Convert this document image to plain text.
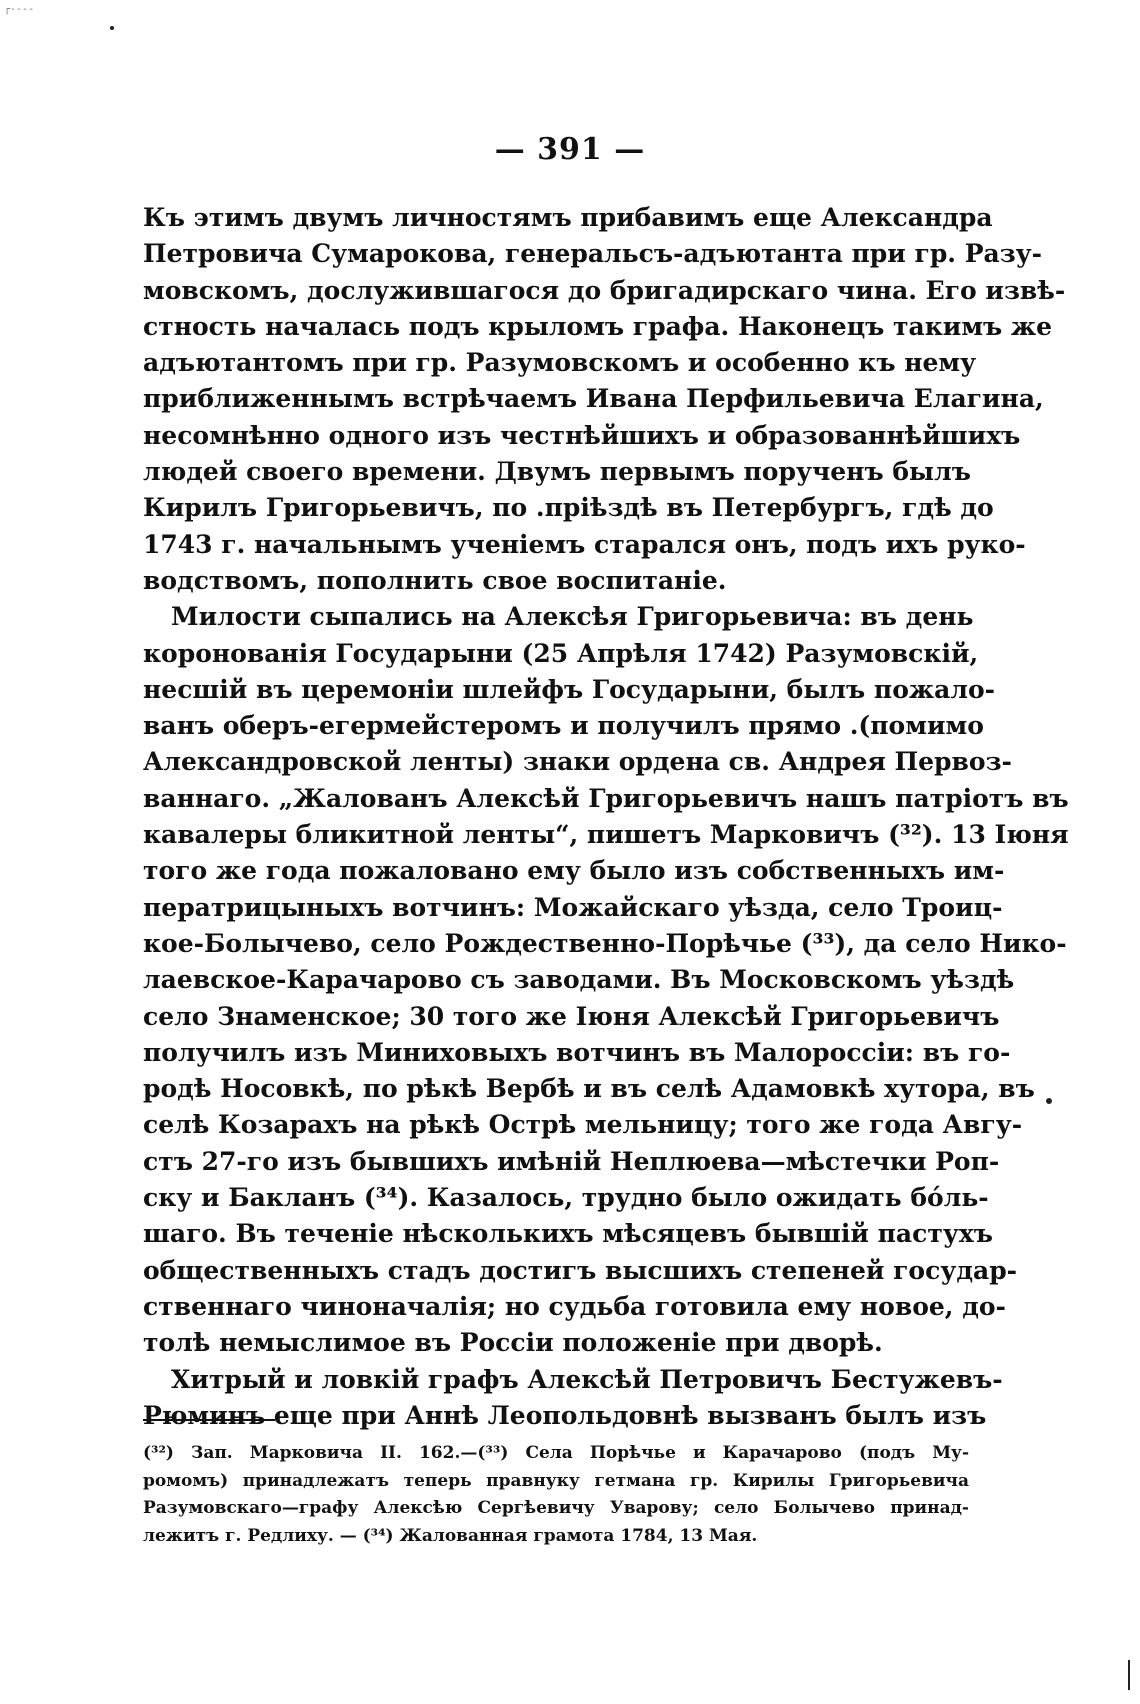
┌‐‐‐‐
— 391 —
Къ этимъ двумъ личностямъ прибавимъ еще Александра
Петровича Сумарокова, генеральсъ-адъютанта при гр. Разу-
мовскомъ, дослужившагося до бригадирскаго чина. Его извѣ-
стность началась подъ крыломъ графа. Наконецъ такимъ же
адъютантомъ при гр. Разумовскомъ и особенно къ нему
приближеннымъ встрѣчаемъ Ивана Перфильевича Елагина,
несомнѣнно одного изъ честнѣйшихъ и образованнѣйшихъ
людей своего времени. Двумъ первымъ порученъ былъ
Кирилъ Григорьевичъ, по .пріѣздѣ въ Петербургъ, гдѣ до
1743 г. начальнымъ ученіемъ старался онъ, подъ ихъ руко-
водствомъ, пополнить свое воспитаніе.
Милости сыпались на Алексѣя Григорьевича: въ день
коронованія Государыни (25 Апрѣля 1742) Разумовскій,
несшій въ церемоніи шлейфъ Государыни, былъ пожало-
ванъ оберъ-егермейстеромъ и получилъ прямо .(помимо
Александровской ленты) знаки ордена св. Андрея Первоз-
ваннаго. „Жалованъ Алексѣй Григорьевичъ нашъ патріотъ въ
кавалеры бликитной ленты“, пишетъ Марковичъ (³²). 13 Іюня
того же года пожаловано ему было изъ собственныхъ им-
ператрицыныхъ вотчинъ: Можайскаго уѣзда, село Троиц-
кое-Болычево, село Рождественно-Порѣчье (³³), да село Нико-
лаевское-Карачарово съ заводами. Въ Московскомъ уѣздѣ
село Знаменское; 30 того же Іюня Алексѣй Григорьевичъ
получилъ изъ Миниховыхъ вотчинъ въ Малороссіи: въ го-
родѣ Носовкѣ, по рѣкѣ Вербѣ и въ селѣ Адамовкѣ хутора, въ
селѣ Козарахъ на рѣкѣ Острѣ мельницу; того же года Авгу-
стъ 27-го изъ бывшихъ имѣній Неплюева—мѣстечки Роп-
ску и Бакланъ (³⁴). Казалось, трудно было ожидать бо́ль-
шаго. Въ теченіе нѣсколькихъ мѣсяцевъ бывшій пастухъ
общественныхъ стадъ достигъ высшихъ степеней государ-
ственнаго чиноначалія; но судьба готовила ему новое, до-
толѣ немыслимое въ Россіи положеніе при дворѣ.
Хитрый и ловкій графъ Алексѣй Петровичъ Бестужевъ-
Рюминъ еще при Аннѣ Леопольдовнѣ вызванъ былъ изъ
(³²) Зап. Марковича II. 162.—(³³) Села Порѣчье и Карачарово (подъ Му-
ромомъ) принадлежатъ теперь правнуку гетмана гр. Кирилы Григорьевича
Разумовскаго—графу Алексѣю Сергѣевичу Уварову; село Болычево принад-
лежитъ г. Редлиху. — (³⁴) Жалованная грамота 1784, 13 Мая.
